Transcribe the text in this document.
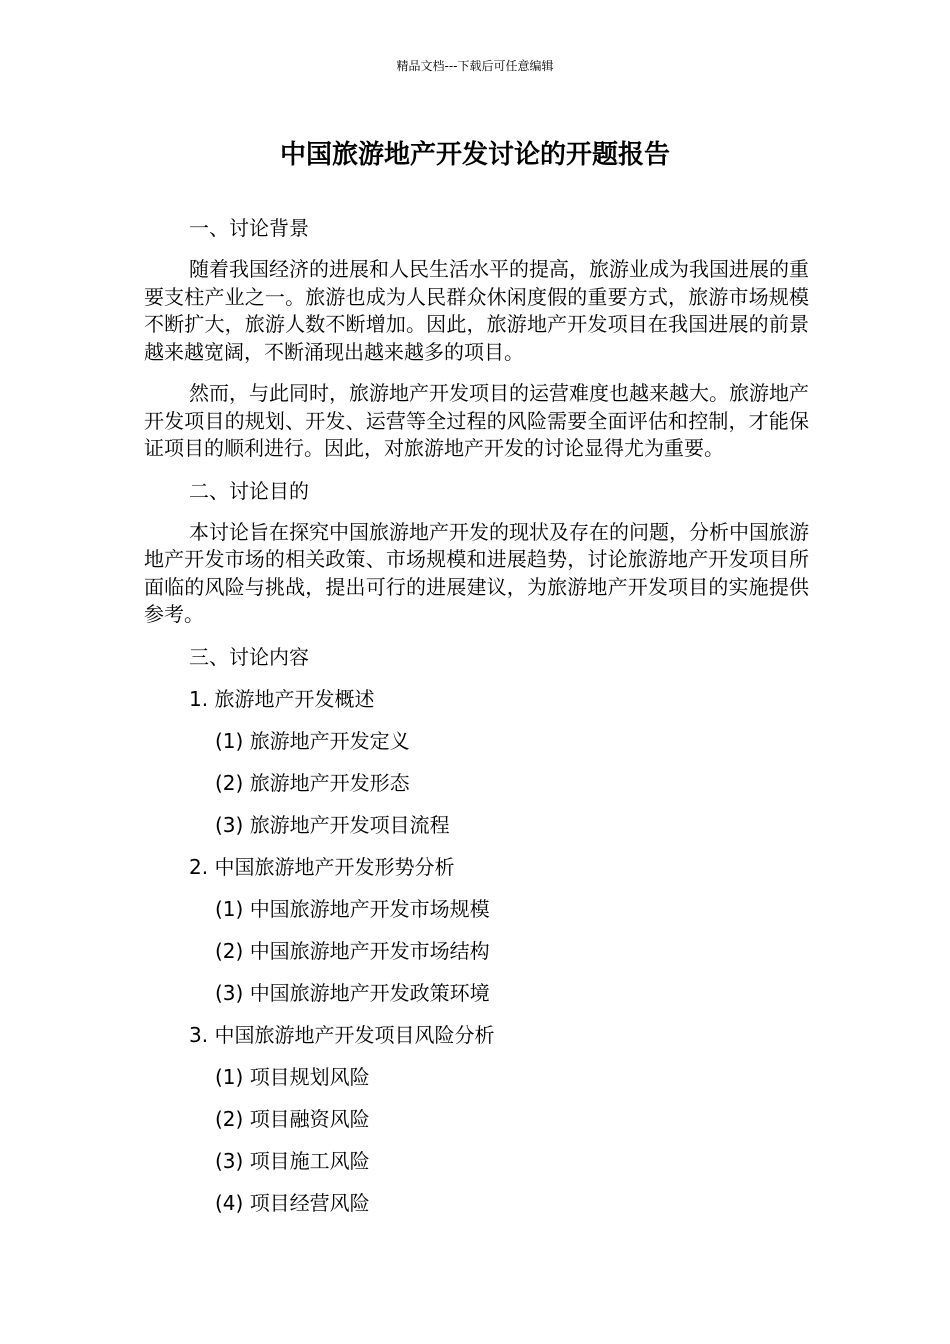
精品文档---下载后可任意编辑
中国旅游地产开发讨论的开题报告

一、讨论背景

随着我国经济的进展和人民生活水平的提高，旅游业成为我国进展的重要支柱产业之一。旅游也成为人民群众休闲度假的重要方式，旅游市场规模不断扩大，旅游人数不断增加。因此，旅游地产开发项目在我国进展的前景越来越宽阔，不断涌现出越来越多的项目。

然而，与此同时，旅游地产开发项目的运营难度也越来越大。旅游地产开发项目的规划、开发、运营等全过程的风险需要全面评估和控制，才能保证项目的顺利进行。因此，对旅游地产开发的讨论显得尤为重要。

二、讨论目的

本讨论旨在探究中国旅游地产开发的现状及存在的问题，分析中国旅游地产开发市场的相关政策、市场规模和进展趋势，讨论旅游地产开发项目所面临的风险与挑战，提出可行的进展建议，为旅游地产开发项目的实施提供参考。

三、讨论内容

1. 旅游地产开发概述

(1) 旅游地产开发定义

(2) 旅游地产开发形态

(3) 旅游地产开发项目流程

2. 中国旅游地产开发形势分析

(1) 中国旅游地产开发市场规模

(2) 中国旅游地产开发市场结构

(3) 中国旅游地产开发政策环境

3. 中国旅游地产开发项目风险分析

(1) 项目规划风险

(2) 项目融资风险

(3) 项目施工风险

(4) 项目经营风险
